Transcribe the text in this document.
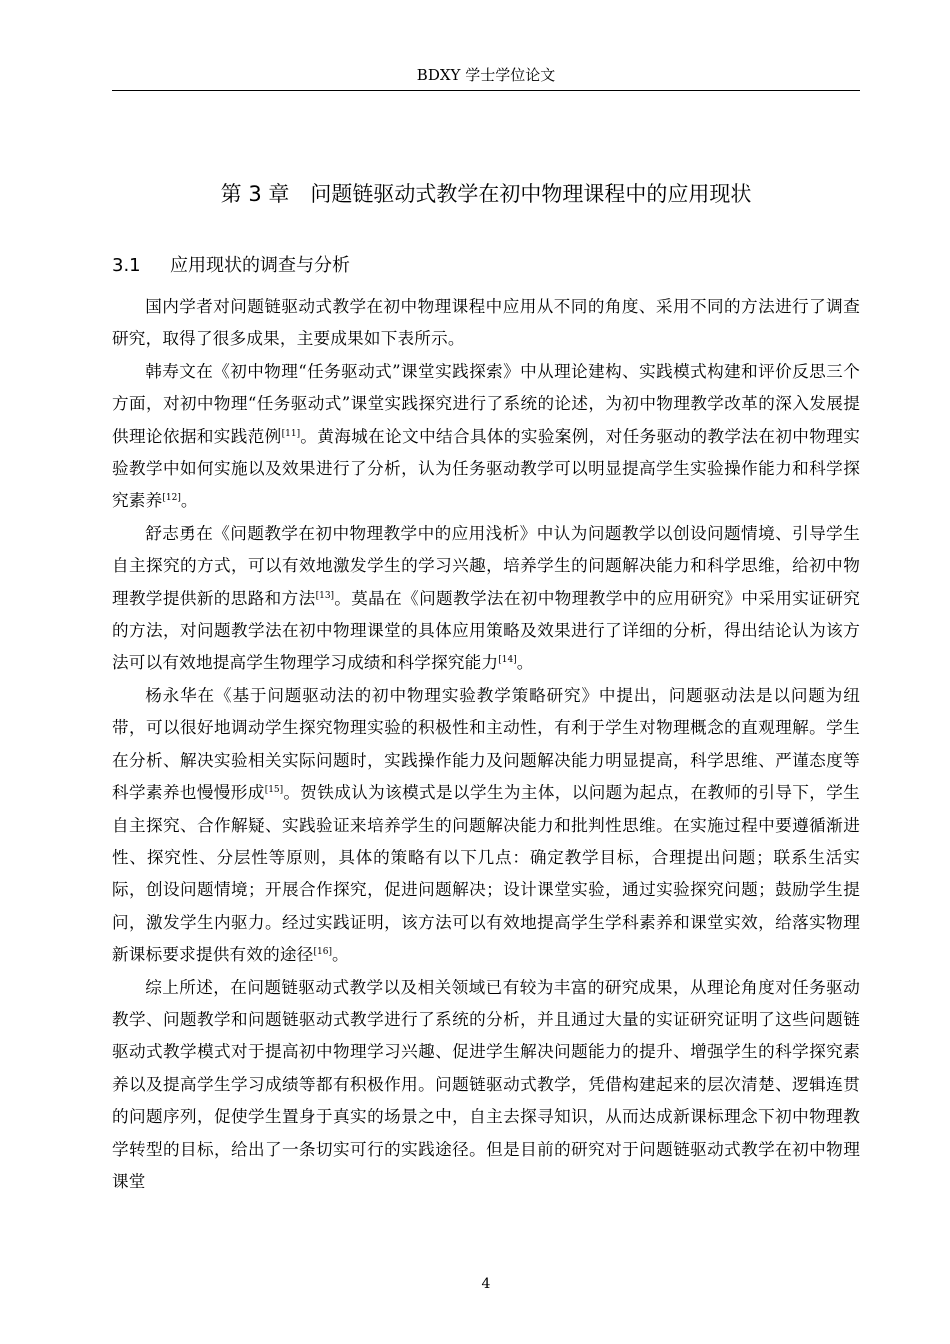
BDXY 学士学位论文
第 3 章　问题链驱动式教学在初中物理课程中的应用现状
3.1 应用现状的调查与分析

国内学者对问题链驱动式教学在初中物理课程中应用从不同的角度、采用不同的方法进行了调查研究，取得了很多成果，主要成果如下表所示。

韩寿文在《初中物理“任务驱动式”课堂实践探索》中从理论建构、实践模式构建和评价反思三个方面，对初中物理“任务驱动式”课堂实践探究进行了系统的论述，为初中物理教学改革的深入发展提供理论依据和实践范例[11]。黄海城在论文中结合具体的实验案例，对任务驱动的教学法在初中物理实验教学中如何实施以及效果进行了分析，认为任务驱动教学可以明显提高学生实验操作能力和科学探究素养[12]。

舒志勇在《问题教学在初中物理教学中的应用浅析》中认为问题教学以创设问题情境、引导学生自主探究的方式，可以有效地激发学生的学习兴趣，培养学生的问题解决能力和科学思维，给初中物理教学提供新的思路和方法[13]。莫晶在《问题教学法在初中物理教学中的应用研究》中采用实证研究的方法，对问题教学法在初中物理课堂的具体应用策略及效果进行了详细的分析，得出结论认为该方法可以有效地提高学生物理学习成绩和科学探究能力[14]。

杨永华在《基于问题驱动法的初中物理实验教学策略研究》中提出，问题驱动法是以问题为纽带，可以很好地调动学生探究物理实验的积极性和主动性，有利于学生对物理概念的直观理解。学生在分析、解决实验相关实际问题时，实践操作能力及问题解决能力明显提高，科学思维、严谨态度等科学素养也慢慢形成[15]。贺铁成认为该模式是以学生为主体，以问题为起点，在教师的引导下，学生自主探究、合作解疑、实践验证来培养学生的问题解决能力和批判性思维。在实施过程中要遵循渐进性、探究性、分层性等原则，具体的策略有以下几点：确定教学目标，合理提出问题；联系生活实际，创设问题情境；开展合作探究，促进问题解决；设计课堂实验，通过实验探究问题；鼓励学生提问，激发学生内驱力。经过实践证明，该方法可以有效地提高学生学科素养和课堂实效，给落实物理新课标要求提供有效的途径[16]。

综上所述，在问题链驱动式教学以及相关领域已有较为丰富的研究成果，从理论角度对任务驱动教学、问题教学和问题链驱动式教学进行了系统的分析，并且通过大量的实证研究证明了这些问题链驱动式教学模式对于提高初中物理学习兴趣、促进学生解决问题能力的提升、增强学生的科学探究素养以及提高学生学习成绩等都有积极作用。问题链驱动式教学，凭借构建起来的层次清楚、逻辑连贯的问题序列，促使学生置身于真实的场景之中，自主去探寻知识，从而达成新课标理念下初中物理教学转型的目标，给出了一条切实可行的实践途径。但是目前的研究对于问题链驱动式教学在初中物理课堂

4
